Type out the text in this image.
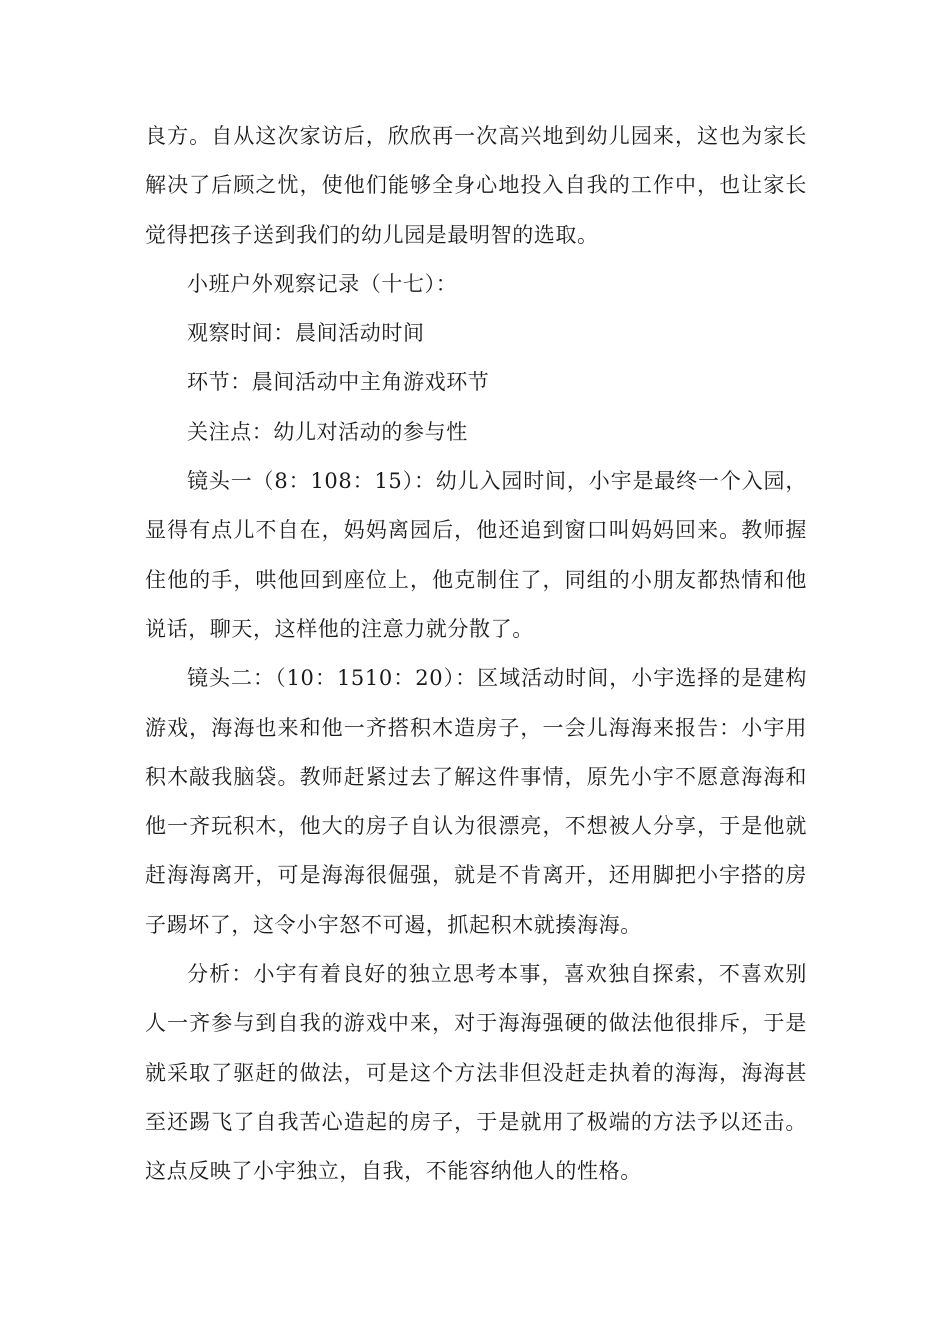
良方。自从这次家访后，欣欣再一次高兴地到幼儿园来，这也为家长解决了后顾之忧，使他们能够全身心地投入自我的工作中，也让家长觉得把孩子送到我们的幼儿园是最明智的选取。

小班户外观察记录（十七）：

观察时间：晨间活动时间

环节：晨间活动中主角游戏环节

关注点：幼儿对活动的参与性

镜头一（8：108：15）：幼儿入园时间，小宇是最终一个入园，显得有点儿不自在，妈妈离园后，他还追到窗口叫妈妈回来。教师握住他的手，哄他回到座位上，他克制住了，同组的小朋友都热情和他说话，聊天，这样他的注意力就分散了。

镜头二：（10：1510：20）：区域活动时间，小宇选择的是建构游戏，海海也来和他一齐搭积木造房子，一会儿海海来报告：小宇用积木敲我脑袋。教师赶紧过去了解这件事情，原先小宇不愿意海海和他一齐玩积木，他大的房子自认为很漂亮，不想被人分享，于是他就赶海海离开，可是海海很倔强，就是不肯离开，还用脚把小宇搭的房子踢坏了，这令小宇怒不可遏，抓起积木就揍海海。

分析：小宇有着良好的独立思考本事，喜欢独自探索，不喜欢别人一齐参与到自我的游戏中来，对于海海强硬的做法他很排斥，于是就采取了驱赶的做法，可是这个方法非但没赶走执着的海海，海海甚至还踢飞了自我苦心造起的房子，于是就用了极端的方法予以还击。这点反映了小宇独立，自我，不能容纳他人的性格。
